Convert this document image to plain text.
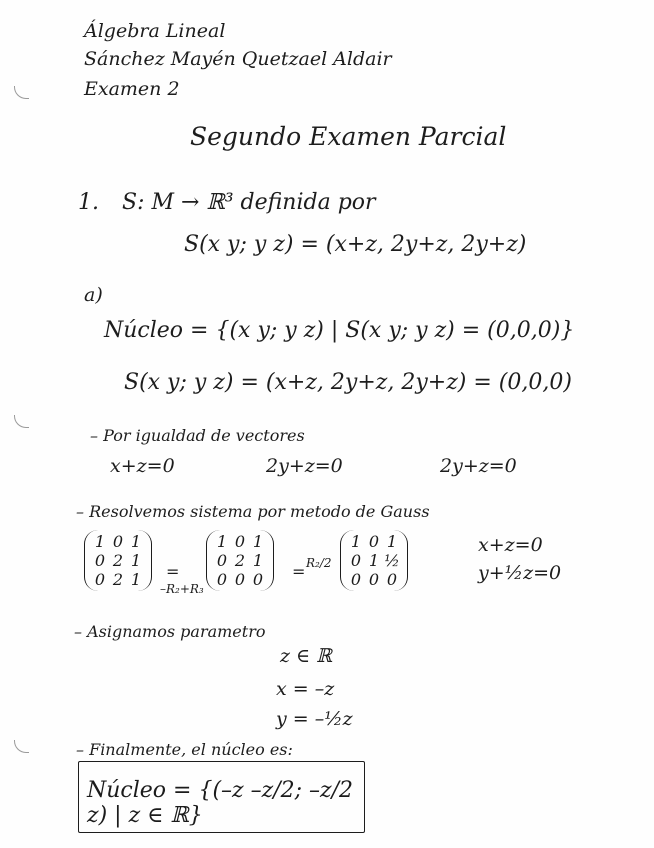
Álgebra Lineal
Sánchez Mayén Quetzael Aldair
Examen 2
Segundo Examen Parcial
1. S: M → ℝ³ definida por
S(x y; y z) = (x+z, 2y+z, 2y+z)
a)
Núcleo = {(x y; y z) | S(x y; y z) = (0,0,0)}
S(x y; y z) = (x+z, 2y+z, 2y+z) = (0,0,0)
– Por igualdad de vectores
x+z=0	2y+z=0	2y+z=0
– Resolvemos sistema por metodo de Gauss
1	0	1
0	2	1
0	2	1 =
–R₂+R₃
1	0	1
0	2	1
0	0	0 = R₂/2
1	0	1
0	1	½
0	0	0
x+z=0
y+½z=0
– Asignamos parametro
z ∈ ℝ
x = –z
y = –½z
– Finalmente, el núcleo es:
Núcleo = {(–z –z/2; –z/2 z) | z ∈ ℝ}
